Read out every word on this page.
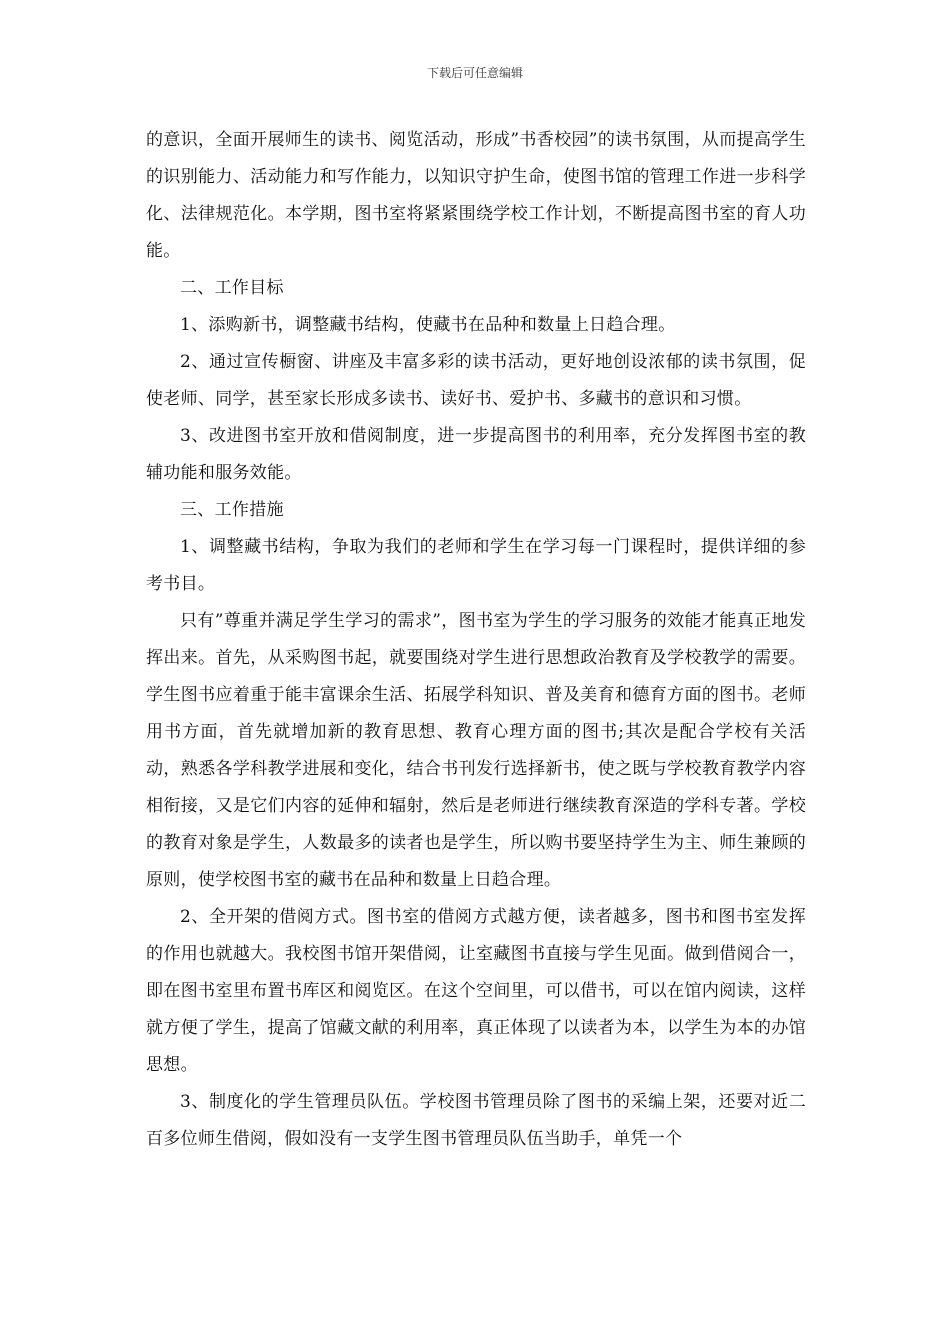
下载后可任意编辑

的意识，全面开展师生的读书、阅览活动，形成”书香校园”的读书氛围，从而提高学生的识别能力、活动能力和写作能力，以知识守护生命，使图书馆的管理工作进一步科学化、法律规范化。本学期，图书室将紧紧围绕学校工作计划，不断提高图书室的育人功能。

二、工作目标

1、添购新书，调整藏书结构，使藏书在品种和数量上日趋合理。

2、通过宣传橱窗、讲座及丰富多彩的读书活动，更好地创设浓郁的读书氛围，促使老师、同学，甚至家长形成多读书、读好书、爱护书、多藏书的意识和习惯。

3、改进图书室开放和借阅制度，进一步提高图书的利用率，充分发挥图书室的教辅功能和服务效能。

三、工作措施

1、调整藏书结构，争取为我们的老师和学生在学习每一门课程时，提供详细的参考书目。

只有”尊重并满足学生学习的需求”，图书室为学生的学习服务的效能才能真正地发挥出来。首先，从采购图书起，就要围绕对学生进行思想政治教育及学校教学的需要。学生图书应着重于能丰富课余生活、拓展学科知识、普及美育和德育方面的图书。老师用书方面，首先就增加新的教育思想、教育心理方面的图书;其次是配合学校有关活动，熟悉各学科教学进展和变化，结合书刊发行选择新书，使之既与学校教育教学内容相衔接，又是它们内容的延伸和辐射，然后是老师进行继续教育深造的学科专著。学校的教育对象是学生，人数最多的读者也是学生，所以购书要坚持学生为主、师生兼顾的原则，使学校图书室的藏书在品种和数量上日趋合理。

2、全开架的借阅方式。图书室的借阅方式越方便，读者越多，图书和图书室发挥的作用也就越大。我校图书馆开架借阅，让室藏图书直接与学生见面。做到借阅合一，即在图书室里布置书库区和阅览区。在这个空间里，可以借书，可以在馆内阅读，这样就方便了学生，提高了馆藏文献的利用率，真正体现了以读者为本，以学生为本的办馆思想。

3、制度化的学生管理员队伍。学校图书管理员除了图书的采编上架，还要对近二百多位师生借阅，假如没有一支学生图书管理员队伍当助手，单凭一个
